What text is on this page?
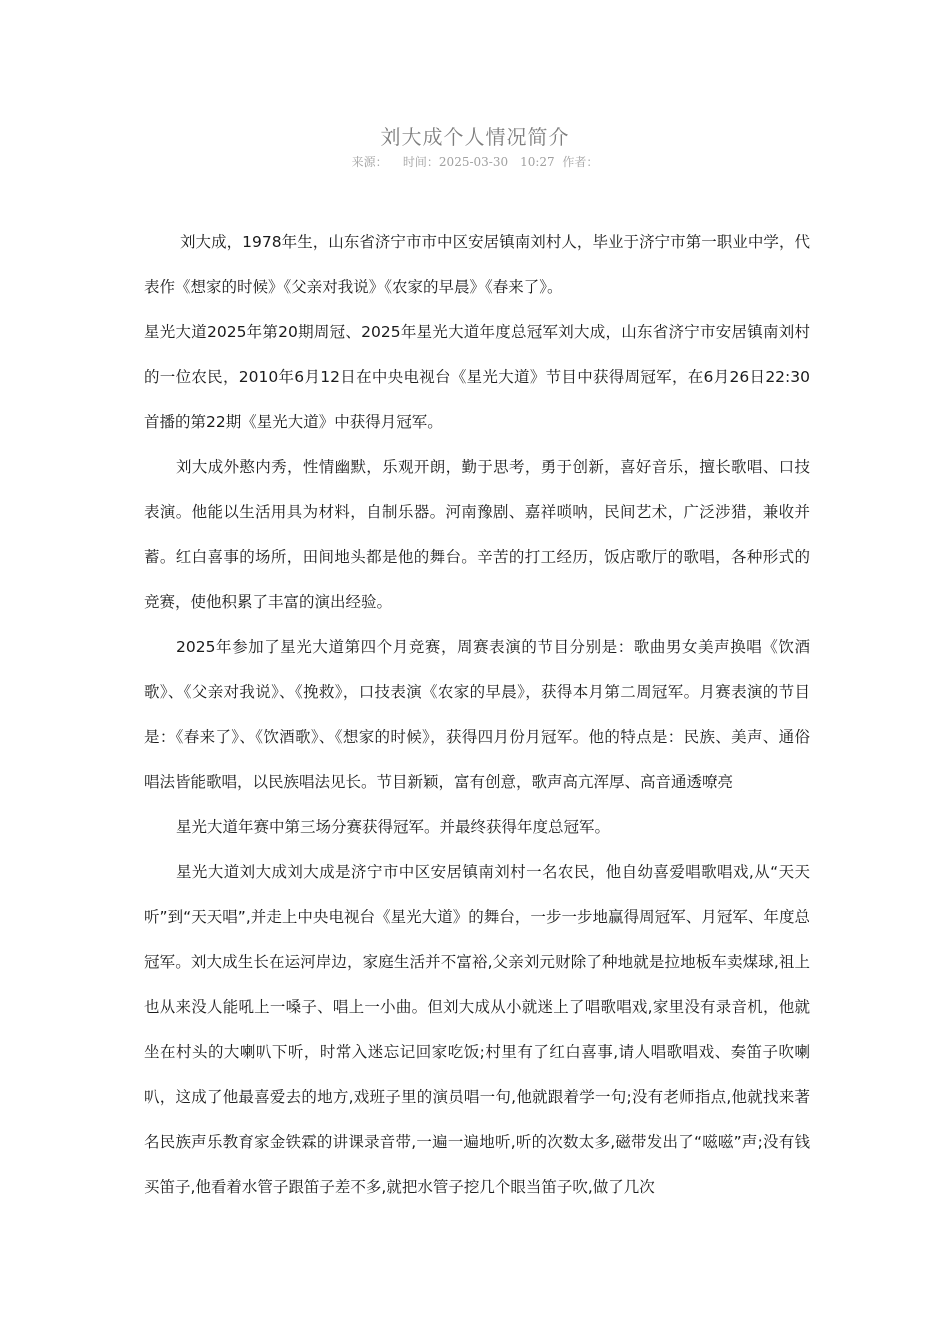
刘大成个人情况简介
来源： 时间：2025-03-30　10:27 作者：

刘大成，1978年生，山东省济宁市市中区安居镇南刘村人，毕业于济宁市第一职业中学，代表作《想家的时候》《父亲对我说》《农家的早晨》《春来了》。

星光大道2025年第20期周冠、2025年星光大道年度总冠军刘大成，山东省济宁市安居镇南刘村的一位农民，2010年6月12日在中央电视台《星光大道》节目中获得周冠军，在6月26日22:30首播的第22期《星光大道》中获得月冠军。

刘大成外憨内秀，性情幽默，乐观开朗，勤于思考，勇于创新，喜好音乐，擅长歌唱、口技表演。他能以生活用具为材料，自制乐器。河南豫剧、嘉祥唢呐，民间艺术，广泛涉猎，兼收并蓄。红白喜事的场所，田间地头都是他的舞台。辛苦的打工经历，饭店歌厅的歌唱，各种形式的竞赛，使他积累了丰富的演出经验。

2025年参加了星光大道第四个月竞赛，周赛表演的节目分别是：歌曲男女美声换唱《饮酒歌》、《父亲对我说》、《挽救》，口技表演《农家的早晨》，获得本月第二周冠军。月赛表演的节目是：《春来了》、《饮酒歌》、《想家的时候》，获得四月份月冠军。他的特点是：民族、美声、通俗唱法皆能歌唱，以民族唱法见长。节目新颖，富有创意，歌声高亢浑厚、高音通透嘹亮

星光大道年赛中第三场分赛获得冠军。并最终获得年度总冠军。

星光大道刘大成刘大成是济宁市中区安居镇南刘村一名农民，他自幼喜爱唱歌唱戏,从“天天听”到“天天唱”,并走上中央电视台《星光大道》的舞台，一步一步地赢得周冠军、月冠军、年度总冠军。刘大成生长在运河岸边，家庭生活并不富裕,父亲刘元财除了种地就是拉地板车卖煤球,祖上也从来没人能吼上一嗓子、唱上一小曲。但刘大成从小就迷上了唱歌唱戏,家里没有录音机，他就坐在村头的大喇叭下听，时常入迷忘记回家吃饭;村里有了红白喜事,请人唱歌唱戏、奏笛子吹喇叭，这成了他最喜爱去的地方,戏班子里的演员唱一句,他就跟着学一句;没有老师指点,他就找来著名民族声乐教育家金铁霖的讲课录音带,一遍一遍地听,听的次数太多,磁带发出了“嗞嗞”声;没有钱买笛子,他看着水管子跟笛子差不多,就把水管子挖几个眼当笛子吹,做了几次
